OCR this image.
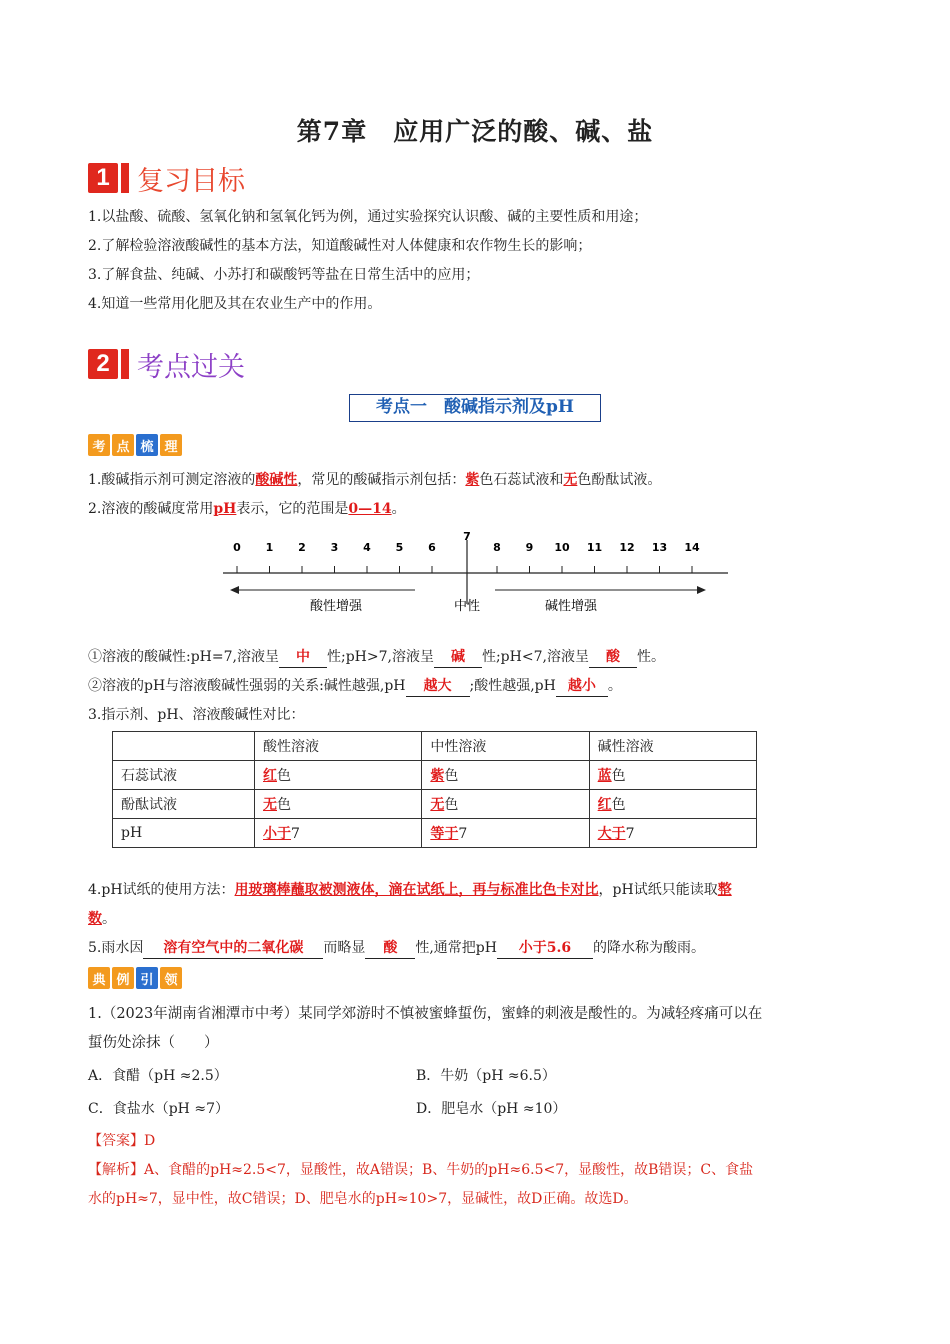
第7章　应用广泛的酸、碱、盐
1	复习目标
1.以盐酸、硫酸、氢氧化钠和氢氧化钙为例，通过实验探究认识酸、碱的主要性质和用途；
2.了解检验溶液酸碱性的基本方法，知道酸碱性对人体健康和农作物生长的影响；
3.了解食盐、纯碱、小苏打和碳酸钙等盐在日常生活中的应用；
4.知道一些常用化肥及其在农业生产中的作用。
2	考点过关
考点一　酸碱指示剂及pH
考 点 梳 理
1.酸碱指示剂可测定溶液的酸碱性，常见的酸碱指示剂包括：紫色石蕊试液和无色酚酞试液。
2.溶液的酸碱度常用pH表示，它的范围是0—14。
0 1 2 3 4 5 6
7
8 9 10 11 12 13 14
酸性增强	中性	碱性增强
①溶液的酸碱性:pH=7,溶液呈 中 性;pH>7,溶液呈 碱 性;pH<7,溶液呈 酸 性。
②溶液的pH与溶液酸碱性强弱的关系:碱性越强,pH 越大 ;酸性越强,pH 越小 。
3.指示剂、pH、溶液酸碱性对比：
	酸性溶液	中性溶液	碱性溶液
石蕊试液	红色	紫色	蓝色
酚酞试液	无色	无色	红色
pH	小于7	等于7	大于7
4.pH试纸的使用方法：用玻璃棒蘸取被测液体，滴在试纸上，再与标准比色卡对比，pH试纸只能读取整
数。
5.雨水因 溶有空气中的二氧化碳 而略显 酸 性,通常把pH 小于5.6 的降水称为酸雨。
典 例 引 领
1.（2023年湖南省湘潭市中考）某同学郊游时不慎被蜜蜂蜇伤，蜜蜂的刺液是酸性的。为减轻疼痛可以在
蜇伤处涂抹（　　）
A．食醋（pH ≈2.5）	B．牛奶（pH ≈6.5）
C．食盐水（pH ≈7）	D．肥皂水（pH ≈10）
【答案】D
【解析】A、食醋的pH≈2.5<7，显酸性，故A错误；B、牛奶的pH≈6.5<7，显酸性，故B错误；C、食盐
水的pH≈7，显中性，故C错误；D、肥皂水的pH≈10>7，显碱性，故D正确。故选D。
